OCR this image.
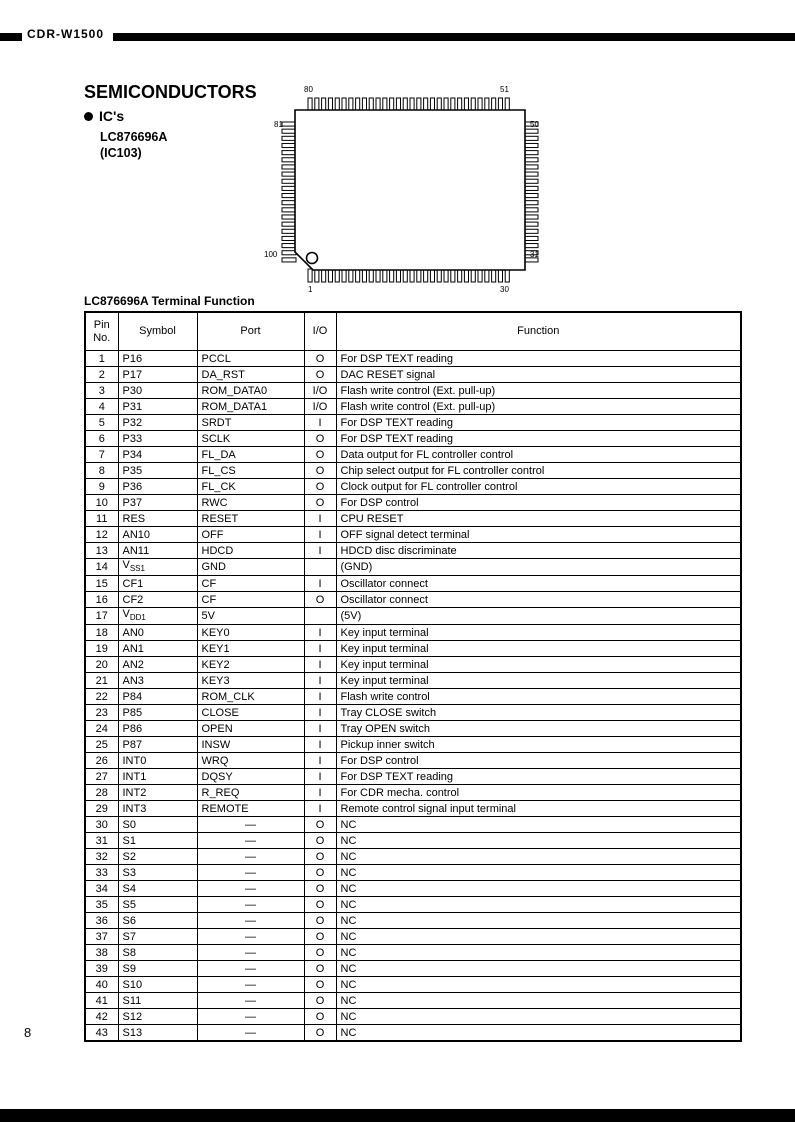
CDR-W1500
SEMICONDUCTORS
IC's
LC876696A
(IC103)
80	51
81	50
100	31
1	30
LC876696A Terminal Function
Pin No.	Symbol	Port	I/O	Function
1	P16	PCCL	O	For DSP TEXT reading
2	P17	DA_RST	O	DAC RESET signal
3	P30	ROM_DATA0	I/O	Flash write control (Ext. pull-up)
4	P31	ROM_DATA1	I/O	Flash write control (Ext. pull-up)
5	P32	SRDT	I	For DSP TEXT reading
6	P33	SCLK	O	For DSP TEXT reading
7	P34	FL_DA	O	Data output for FL controller control
8	P35	FL_CS	O	Chip select output for FL controller control
9	P36	FL_CK	O	Clock output for FL controller control
10	P37	RWC	O	For DSP control
11	RES	RESET	I	CPU RESET
12	AN10	OFF	I	OFF signal detect terminal
13	AN11	HDCD	I	HDCD disc discriminate
14	$V_{SS1}$	GND		(GND)
15	CF1	CF	I	Oscillator connect
16	CF2	CF	O	Oscillator connect
17	$V_{DD1}$	5V		(5V)
18	AN0	KEY0	I	Key input terminal
19	AN1	KEY1	I	Key input terminal
20	AN2	KEY2	I	Key input terminal
21	AN3	KEY3	I	Key input terminal
22	P84	ROM_CLK	I	Flash write control
23	P85	CLOSE	I	Tray CLOSE switch
24	P86	OPEN	I	Tray OPEN switch
25	P87	INSW	I	Pickup inner switch
26	INT0	WRQ	I	For DSP control
27	INT1	DQSY	I	For DSP TEXT reading
28	INT2	R_REQ	I	For CDR mecha. control
29	INT3	REMOTE	I	Remote control signal input terminal
30	S0	—	O	NC
31	S1	—	O	NC
32	S2	—	O	NC
33	S3	—	O	NC
34	S4	—	O	NC
35	S5	—	O	NC
36	S6	—	O	NC
37	S7	—	O	NC
38	S8	—	O	NC
39	S9	—	O	NC
40	S10	—	O	NC
41	S11	—	O	NC
42	S12	—	O	NC
43	S13	—	O	NC
8
